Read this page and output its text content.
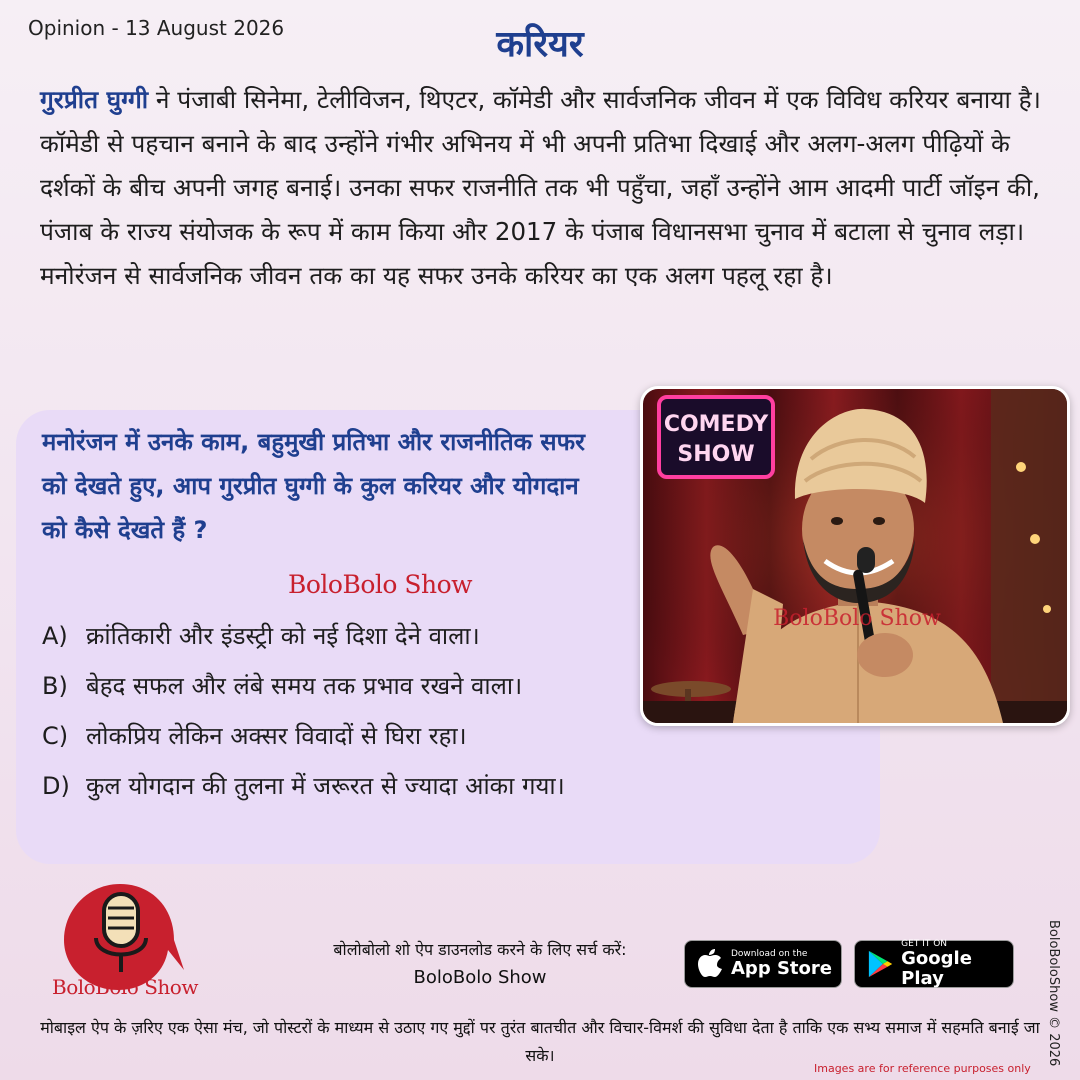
Opinion - 13 August 2026	करियर
गुरप्रीत घुग्गी ने पंजाबी सिनेमा, टेलीविजन, थिएटर, कॉमेडी और सार्वजनिक जीवन में एक विविध करियर बनाया है। कॉमेडी से पहचान बनाने के बाद उन्होंने गंभीर अभिनय में भी अपनी प्रतिभा दिखाई और अलग-अलग पीढ़ियों के दर्शकों के बीच अपनी जगह बनाई। उनका सफर राजनीति तक भी पहुँचा, जहाँ उन्होंने आम आदमी पार्टी जॉइन की, पंजाब के राज्य संयोजक के रूप में काम किया और 2017 के पंजाब विधानसभा चुनाव में बटाला से चुनाव लड़ा। मनोरंजन से सार्वजनिक जीवन तक का यह सफर उनके करियर का एक अलग पहलू रहा है।
मनोरंजन में उनके काम, बहुमुखी प्रतिभा और राजनीतिक सफर को देखते हुए, आप गुरप्रीत घुग्गी के कुल करियर और योगदान को कैसे देखते हैं ?
BoloBolo Show
A) क्रांतिकारी और इंडस्ट्री को नई दिशा देने वाला।
B) बेहद सफल और लंबे समय तक प्रभाव रखने वाला।
C) लोकप्रिय लेकिन अक्सर विवादों से घिरा रहा।
D) कुल योगदान की तुलना में जरूरत से ज्यादा आंका गया।
COMEDY
SHOW
BoloBolo Show
BoloBolo Show
बोलोबोलो शो ऐप डाउनलोड करने के लिए सर्च करें:
BoloBolo Show
Download on the
App Store
GET IT ON
Google Play
मोबाइल ऐप के ज़रिए एक ऐसा मंच, जो पोस्टरों के माध्यम से उठाए गए मुद्दों पर तुरंत बातचीत और विचार-विमर्श की सुविधा देता है ताकि एक सभ्य समाज में सहमति बनाई जा सके।	BoloBoloShow © 2026
Images are for reference purposes only
